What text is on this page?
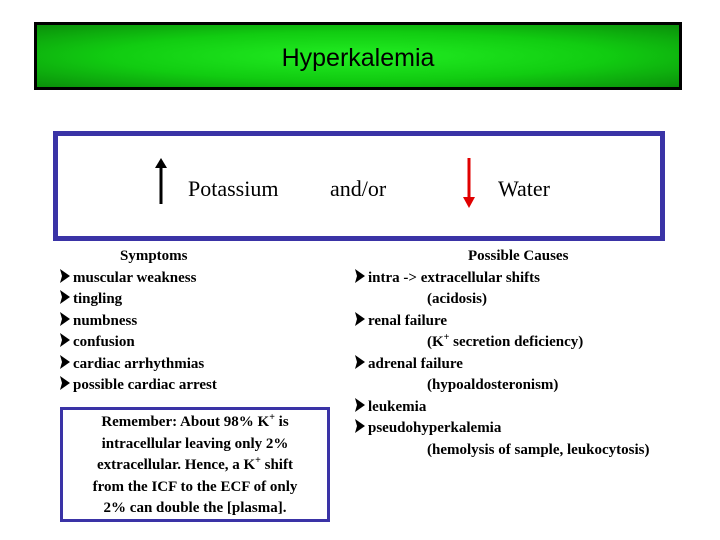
Hyperkalemia
Potassium and/or	Water
Symptoms
muscular weakness
tingling
numbness
confusion
cardiac arrhythmias
possible cardiac arrest
Remember: About 98% K+ is
intracellular leaving only 2%
extracellular. Hence, a K+ shift
from the ICF to the ECF of only
2% can double the [plasma].
Possible Causes
intra -> extracellular shifts
(acidosis)
renal failure
(K+ secretion deficiency)
adrenal failure
(hypoaldosteronism)
leukemia
pseudohyperkalemia
(hemolysis of sample, leukocytosis)
